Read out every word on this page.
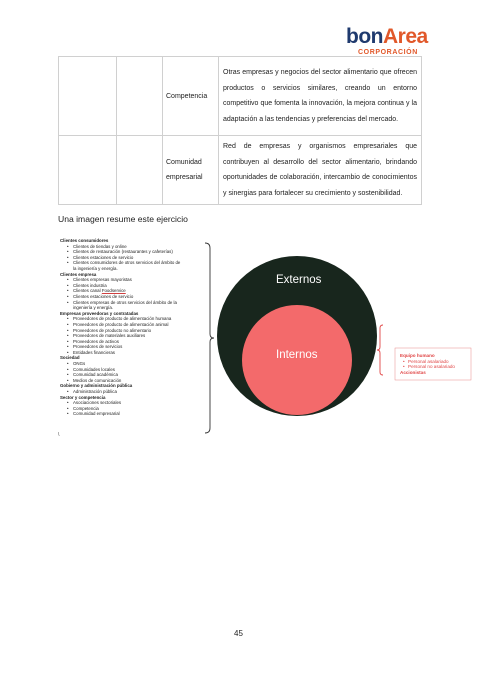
bonArea
CORPORACIÓN
		Competencia	Otras empresas y negocios del sector alimentario que ofrecen productos o servicios similares, creando un entorno competitivo que fomenta la innovación, la mejora continua y la adaptación a las tendencias y preferencias del mercado.
		Comunidad empresarial	Red de empresas y organismos empresariales que contribuyen al desarrollo del sector alimentario, brindando oportunidades de colaboración, intercambio de conocimientos y sinergias para fortalecer su crecimiento y sostenibilidad.
Una imagen resume este ejercicio
Clientes consumidores
• Clientes de tiendas y online
• Clientes de restauración (restaurantes y cafeterías)
• Clientes estaciones de servicio
• Clientes consumidores de otros servicios del ámbito de
la ingeniería y energía.
Clientes empresa
• Clientes empresas mayoristas
• Clientes industria
• Clientes canal Foodservice
• Clientes estaciones de servicio
• Clientes empresas de otros servicios del ámbito de la
ingeniería y energía.
Empresas proveedoras y contratadas
• Proveedores de producto de alimentación humana
• Proveedores de producto de alimentación animal
• Proveedores de producto no alimentario
• Proveedores de materiales auxiliares
• Proveedores de activos
• Proveedores de servicios
• Entidades financieras
Sociedad
• ONGs
• Comunidades locales
• Comunidad académica
• Medios de comunicación
Gobierno y administración pública
• Administración pública
Sector y competencia
• Asociaciones sectoriales
• Competencia
• Comunidad empresarial
\
Externos
Internos	Equipo humano
• Personal asalariado
• Personal no asalariado
Accionistas
45
